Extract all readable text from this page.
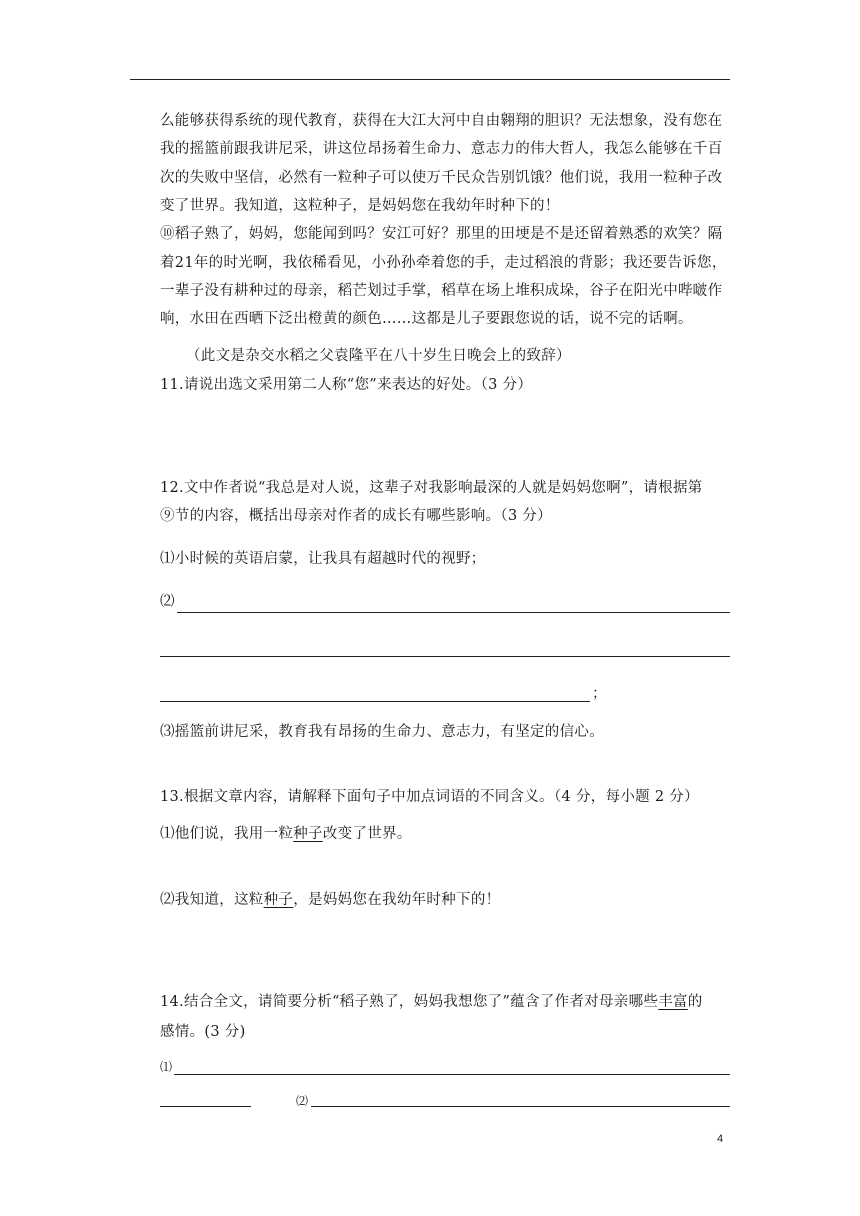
么能够获得系统的现代教育，获得在大江大河中自由翱翔的胆识？无法想象，没有您在
我的摇篮前跟我讲尼采，讲这位昂扬着生命力、意志力的伟大哲人，我怎么能够在千百
次的失败中坚信，必然有一粒种子可以使万千民众告别饥饿？他们说，我用一粒种子改
变了世界。我知道，这粒种子，是妈妈您在我幼年时种下的！
⑩稻子熟了，妈妈，您能闻到吗？安江可好？那里的田埂是不是还留着熟悉的欢笑？隔
着21年的时光啊，我依稀看见，小孙孙牵着您的手，走过稻浪的背影；我还要告诉您，
一辈子没有耕种过的母亲，稻芒划过手掌，稻草在场上堆积成垛，谷子在阳光中哔啵作
响，水田在西晒下泛出橙黄的颜色……这都是儿子要跟您说的话，说不完的话啊。
（此文是杂交水稻之父袁隆平在八十岁生日晚会上的致辞）
11.请说出选文采用第二人称“您”来表达的好处。（3 分）
12.文中作者说“我总是对人说，这辈子对我影响最深的人就是妈妈您啊”，请根据第
⑨节的内容，概括出母亲对作者的成长有哪些影响。（3 分）
⑴小时候的英语启蒙，让我具有超越时代的视野；
⑵
；
⑶摇篮前讲尼采，教育我有昂扬的生命力、意志力，有坚定的信心。
13.根据文章内容，请解释下面句子中加点词语的不同含义。（4 分，每小题 2 分）
⑴他们说，我用一粒种子改变了世界。
⑵我知道，这粒种子，是妈妈您在我幼年时种下的！
14.结合全文，请简要分析“稻子熟了，妈妈我想您了”蕴含了作者对母亲哪些丰富的
感情。(3 分)
⑴
⑵
4
